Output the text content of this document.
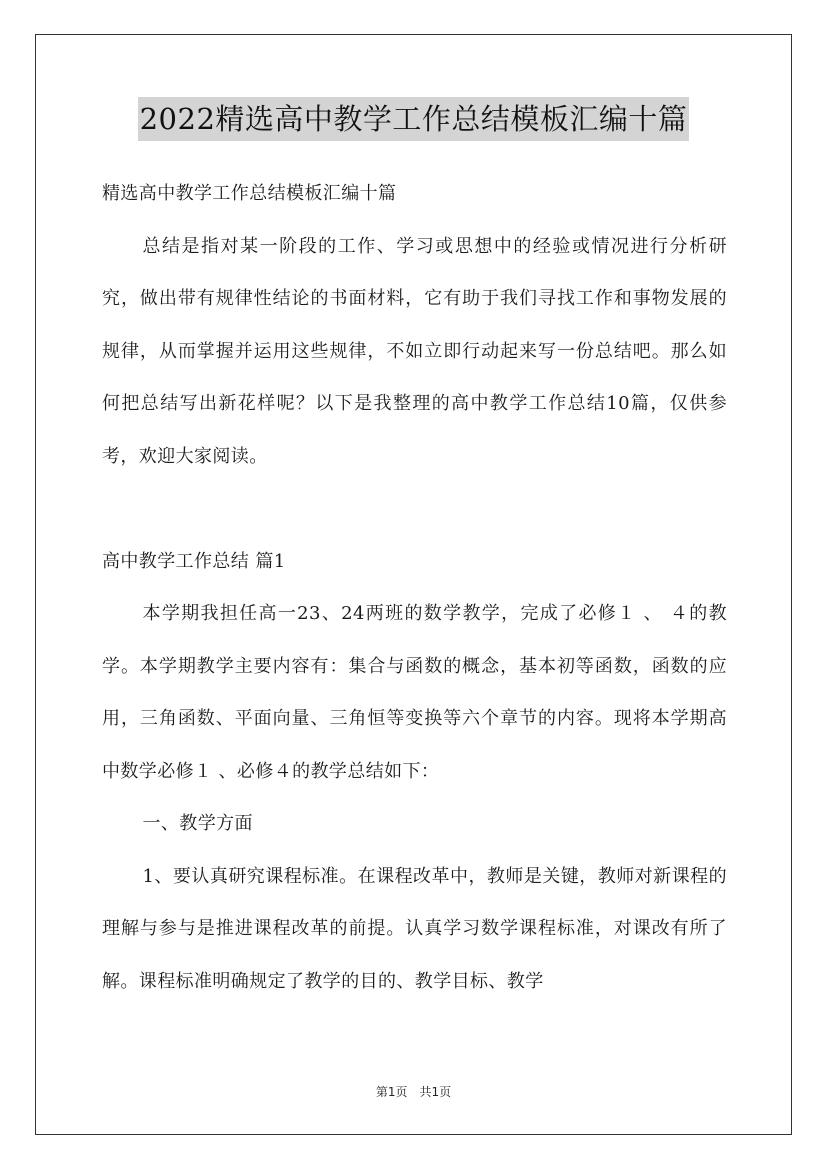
2022精选高中教学工作总结模板汇编十篇

精选高中教学工作总结模板汇编十篇

总结是指对某一阶段的工作、学习或思想中的经验或情况进行分析研究，做出带有规律性结论的书面材料，它有助于我们寻找工作和事物发展的规律，从而掌握并运用这些规律，不如立即行动起来写一份总结吧。那么如何把总结写出新花样呢？以下是我整理的高中教学工作总结10篇，仅供参考，欢迎大家阅读。

高中教学工作总结 篇1

本学期我担任高一23、24两班的数学教学，完成了必修１ 、 ４的教学。本学期教学主要内容有：集合与函数的概念，基本初等函数，函数的应用，三角函数、平面向量、三角恒等变换等六个章节的内容。现将本学期高中数学必修１ 、必修４的教学总结如下：

一、教学方面

1、要认真研究课程标准。在课程改革中，教师是关键，教师对新课程的理解与参与是推进课程改革的前提。认真学习数学课程标准，对课改有所了解。课程标准明确规定了教学的目的、教学目标、教学

第1页　共1页
